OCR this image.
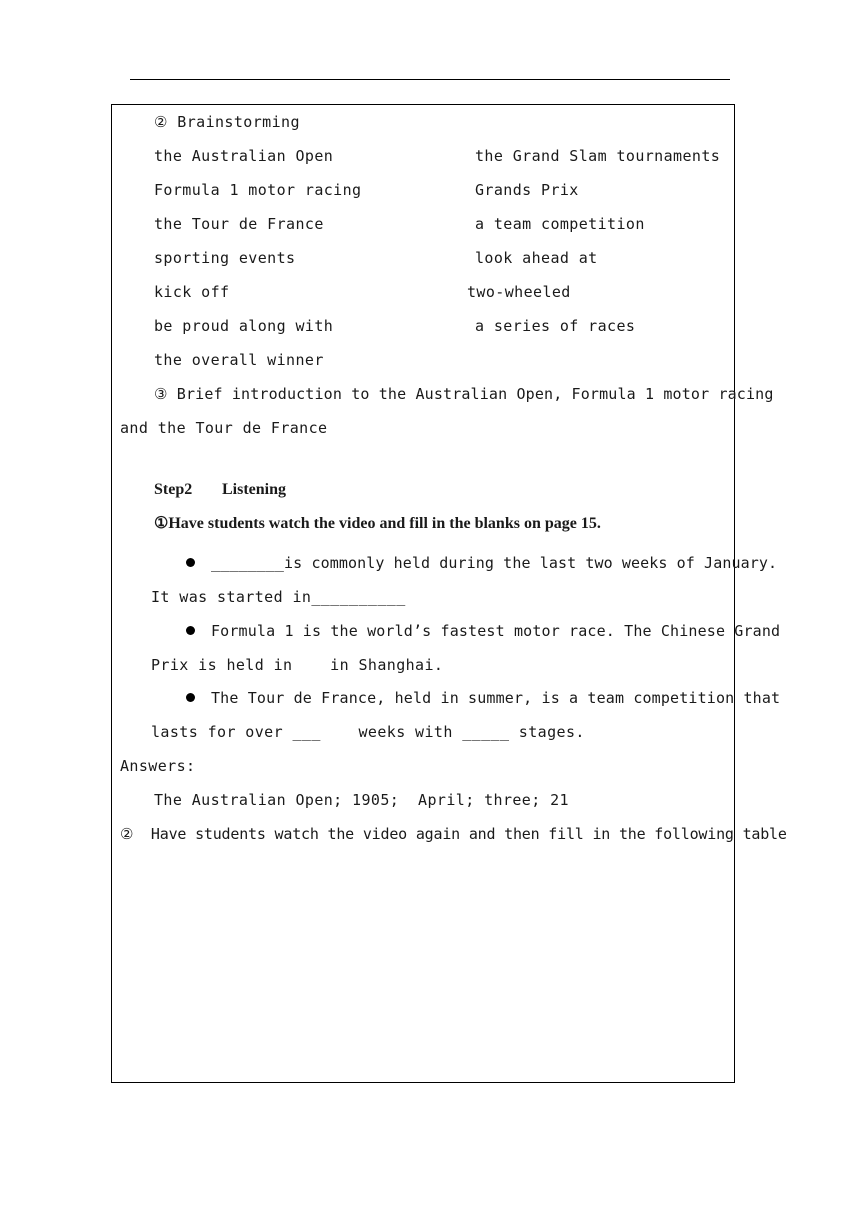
② Brainstorming
the Australian Open	the Grand Slam tournaments
Formula 1 motor racing	Grands Prix
the Tour de France	a team competition
sporting events	look ahead at
kick off	two-wheeled
be proud along with	a series of races
the overall winner
③ Brief introduction to the Australian Open, Formula 1 motor racing
and the Tour de France
Step2 Listening
①Have students watch the video and fill in the blanks on page 15.
________is commonly held during the last two weeks of January.
It was started in__________
Formula 1 is the world’s fastest motor race. The Chinese Grand
Prix is held in    in Shanghai.
The Tour de France, held in summer, is a team competition that
lasts for over ___    weeks with _____ stages.
Answers:
The Australian Open; 1905;  April; three; 21
②  Have students watch the video again and then fill in the following table
